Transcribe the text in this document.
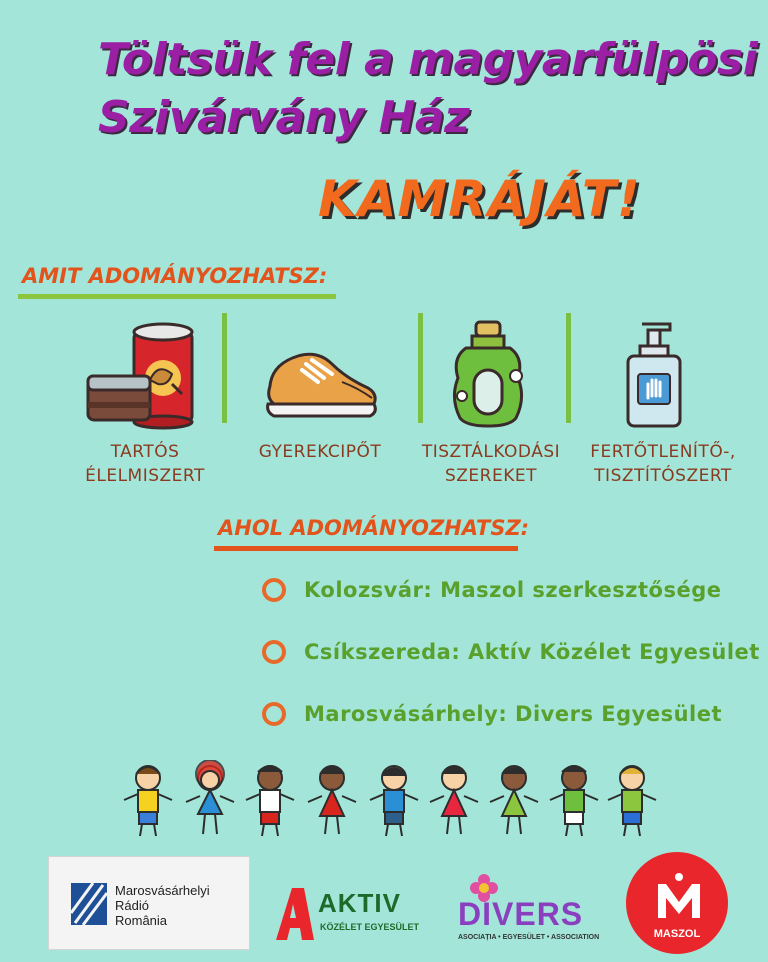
Töltsük fel a magyarfülpösi
Szivárvány Ház
KAMRÁJÁT!
AMIT ADOMÁNYOZHATSZ:
TARTÓS
ÉLELMISZERT
GYEREKCIPŐT	TISZTÁLKODÁSI
SZEREKET
FERTŐTLENÍTŐ-,
TISZTÍTÓSZERT
AHOL ADOMÁNYOZHATSZ:
Kolozsvár: Maszol szerkesztősége
Csíkszereda: Aktív Közélet Egyesület
Marosvásárhely: Divers Egyesület
Marosvásárhelyi
Rádió
România
AKTIV
KÖZÉLET EGYESÜLET DIVERS
ASOCIAȚIA • EGYESÜLET • ASSOCIATION	MASZOL
